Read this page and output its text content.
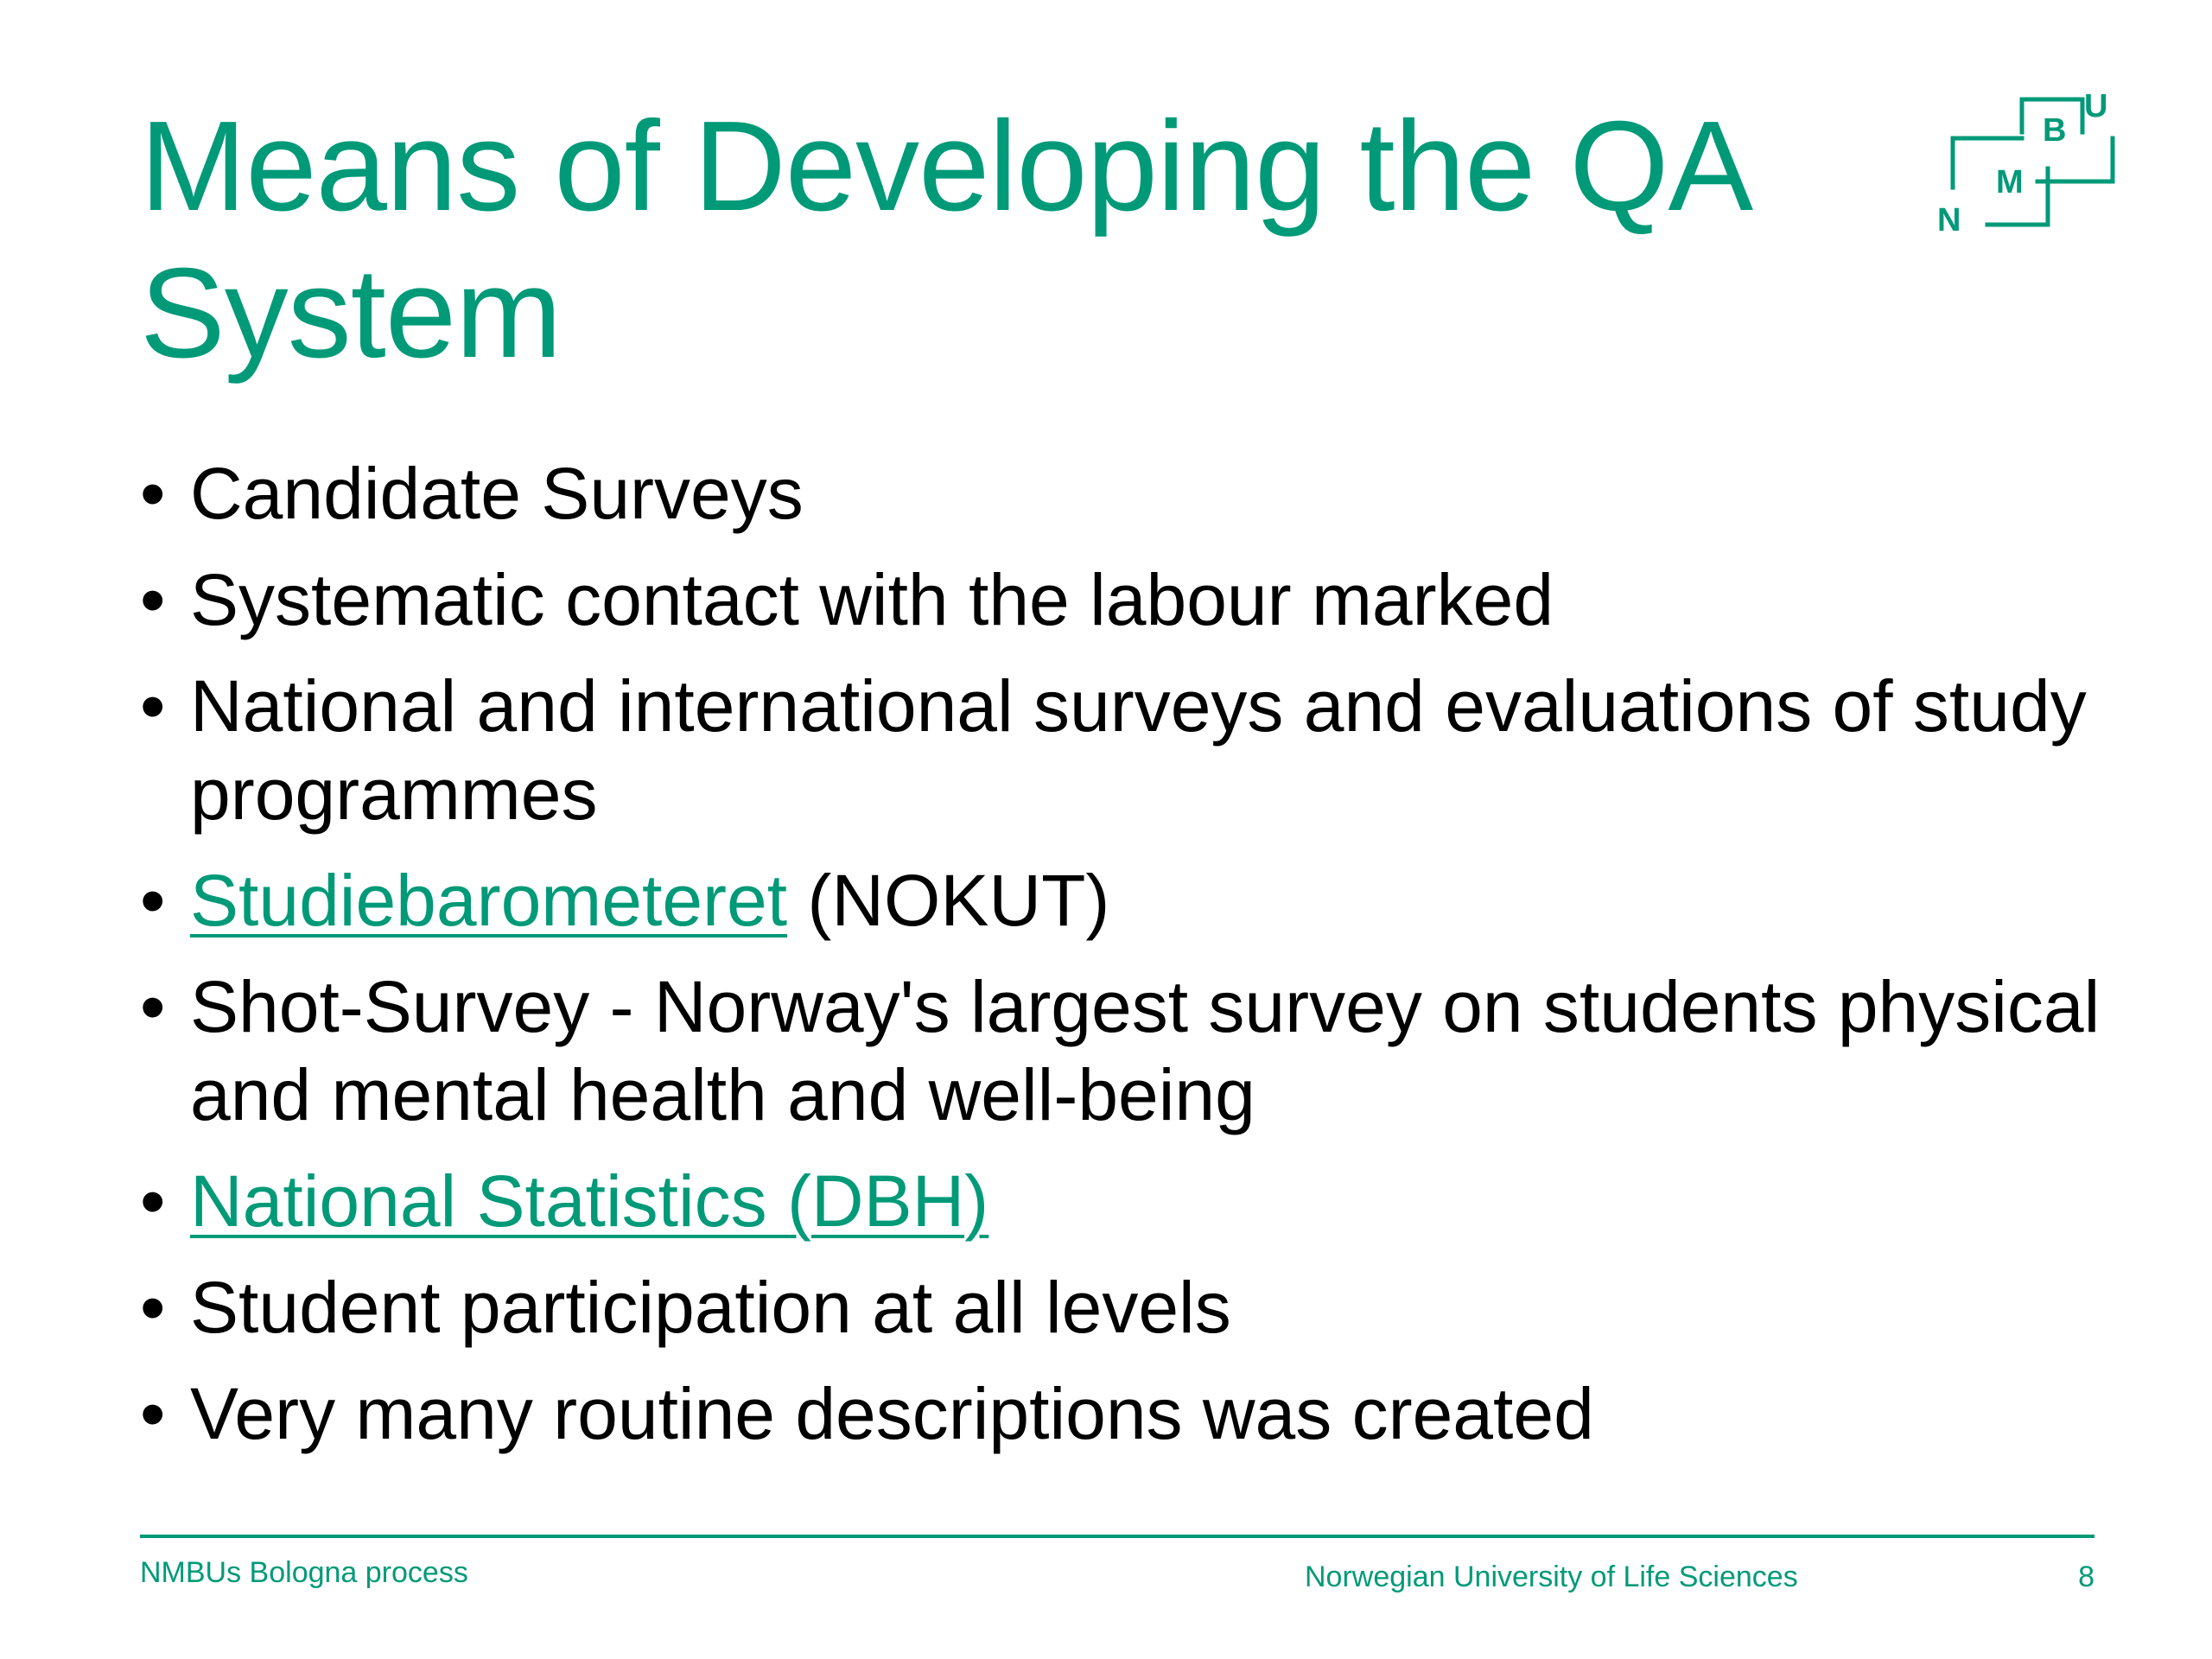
Means of Developing the QA System
N
M
B
U
• Candidate Surveys
• Systematic contact with the labour marked
• National and international surveys and evaluations of study programmes
• Studiebarometeret (NOKUT)
• Shot-Survey - Norway's largest survey on students physical and mental health and well-being
• National Statistics (DBH)
• Student participation at all levels
• Very many routine descriptions was created
NMBUs Bologna process	Norwegian University of Life Sciences	8
